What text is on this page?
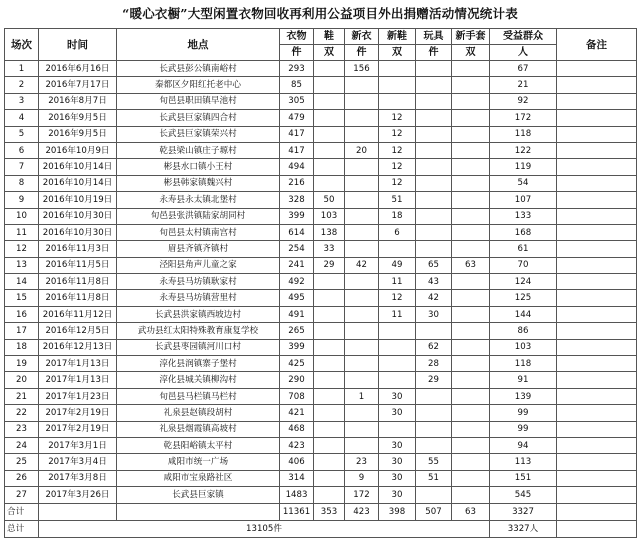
“暖心衣橱”大型闲置衣物回收再利用公益项目外出捐赠活动情况统计表
场次	时间	地点	衣物	鞋	新衣	新鞋	玩具	新手套	受益群众	备注
			件	双	件	双	件	双	人	
1	2016年6月16日	长武县彭公镇南峪村	293		156				67	
2	2016年7月17日	秦都区夕阳红托老中心	85						21	
3	2016年8月7日	旬邑县职田镇早池村	305						92	
4	2016年9月5日	长武县巨家镇四合村	479			12			172	
5	2016年9月5日	长武县巨家镇荣兴村	417			12			118	
6	2016年10月9日	乾县梁山镇庄子塬村	417		20	12			122	
7	2016年10月14日	彬县水口镇小王村	494			12			119	
8	2016年10月14日	彬县韩家镇魏兴村	216			12			54	
9	2016年10月19日	永寿县永太镇北堡村	328	50		51			107	
10	2016年10月30日	旬邑县张洪镇陆家胡同村	399	103		18			133	
11	2016年10月30日	旬邑县太村镇南宫村	614	138		6			168	
12	2016年11月3日	眉县齐镇齐镇村	254	33					61	
13	2016年11月5日	泾阳县角声儿童之家	241	29	42	49	65	63	70	
14	2016年11月8日	永寿县马坊镇耿家村	492			11	43		124	
15	2016年11月8日	永寿县马坊镇营里村	495			12	42		125	
16	2016年11月12日	长武县洪家镇西坡边村	491			11	30		144	
17	2016年12月5日	武功县红太阳特殊教育康复学校	265						86	
18	2016年12月13日	长武县枣园镇河川口村	399				62		103	
19	2017年1月13日	淳化县润镇寨子堡村	425				28		118	
20	2017年1月13日	淳化县城关镇柳沟村	290				29		91	
21	2017年1月23日	旬邑县马栏镇马栏村	708		1	30			139	
22	2017年2月19日	礼泉县赵镇段胡村	421			30			99	
23	2017年2月19日	礼泉县烟霞镇高坡村	468						99	
24	2017年3月1日	乾县阳峪镇太平村	423			30			94	
25	2017年3月4日	咸阳市统一广场	406		23	30	55		113	
26	2017年3月8日	咸阳市宝泉路社区	314		9	30	51		151	
27	2017年3月26日	长武县巨家镇	1483		172	30			545	
合计			11361	353	423	398	507	63	3327	
总计	13105件								3327人	
